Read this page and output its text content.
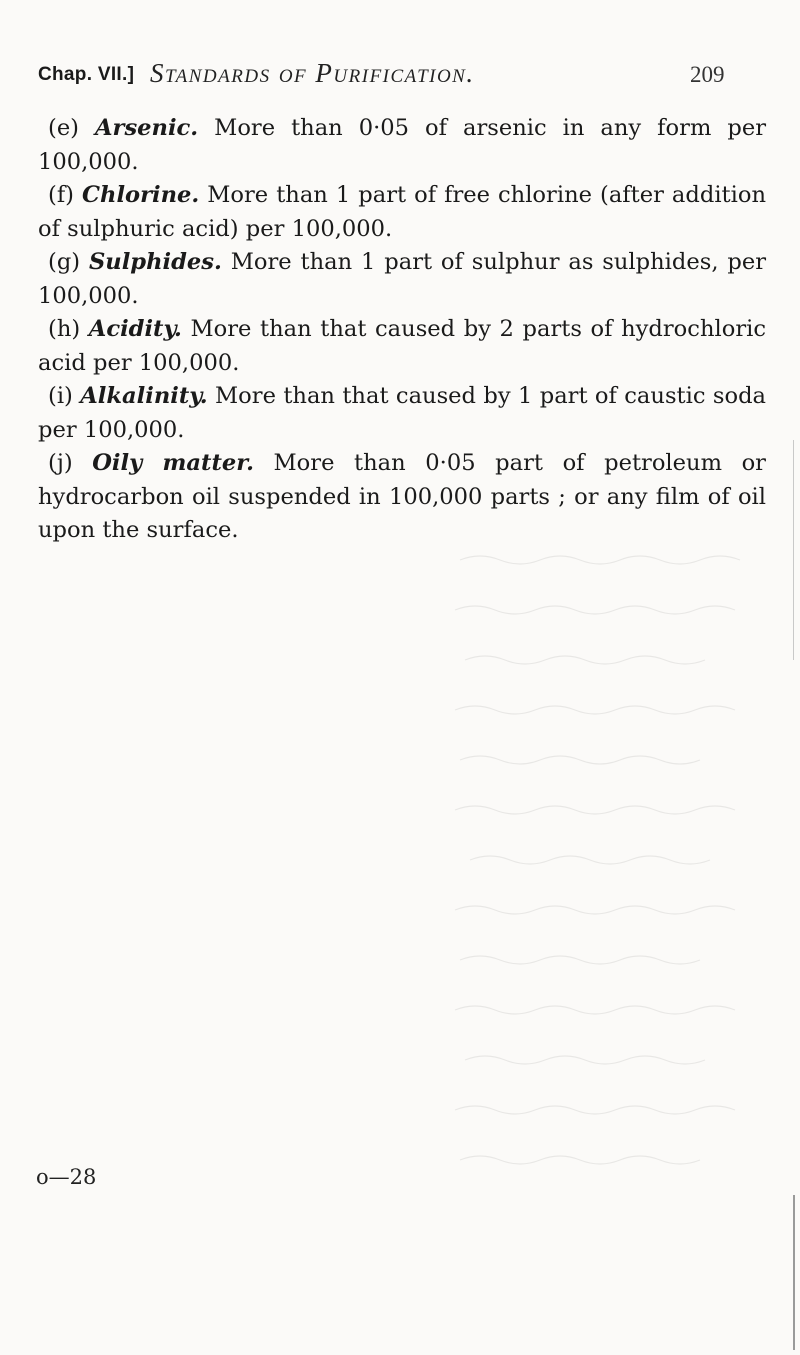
Chap. VII.] Standards of Purification.	209

(e) Arsenic. More than 0·05 of arsenic in any form per 100,000.

(f) Chlorine. More than 1 part of free chlorine (after addition of sulphuric acid) per 100,000.

(g) Sulphides. More than 1 part of sulphur as sulphides, per 100,000.

(h) Acidity. More than that caused by 2 parts of hydrochloric acid per 100,000.

(i) Alkalinity. More than that caused by 1 part of caustic soda per 100,000.

(j) Oily matter. More than 0·05 part of petroleum or hydrocarbon oil suspended in 100,000 parts ; or any film of oil upon the surface.

o—28
